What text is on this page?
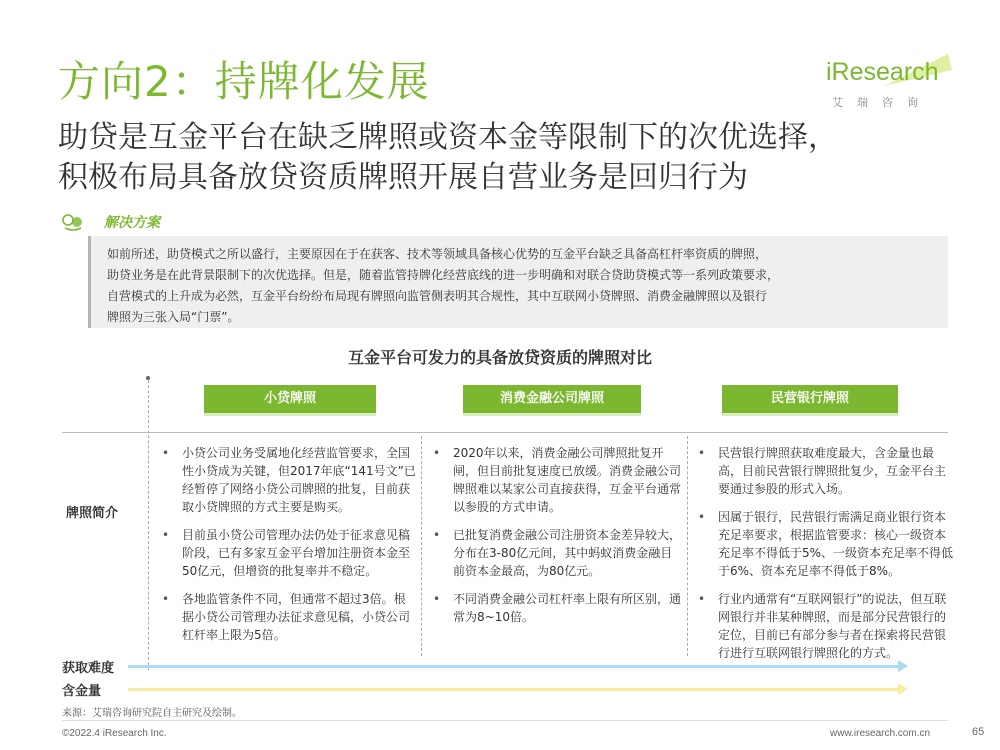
方向2：持牌化发展
助贷是互金平台在缺乏牌照或资本金等限制下的次优选择，
积极布局具备放贷资质牌照开展自营业务是回归行为
iResearch
艾瑞咨询
解决方案
如前所述，助贷模式之所以盛行，主要原因在于在获客、技术等领域具备核心优势的互金平台缺乏具备高杠杆率资质的牌照，
助贷业务是在此背景限制下的次优选择。但是，随着监管持牌化经营底线的进一步明确和对联合贷助贷模式等一系列政策要求，
自营模式的上升成为必然，互金平台纷纷布局现有牌照向监管侧表明其合规性，其中互联网小贷牌照、消费金融牌照以及银行
牌照为三张入局“门票”。
互金平台可发力的具备放贷资质的牌照对比
小贷牌照	消费金融公司牌照	民营银行牌照
牌照简介
• 小贷公司业务受属地化经营监管要求，全国性小贷成为关键，但2017年底“141号文”已经暂停了网络小贷公司牌照的批复，目前获取小贷牌照的方式主要是购买。
• 目前虽小贷公司管理办法仍处于征求意见稿阶段，已有多家互金平台增加注册资本金至50亿元，但增资的批复率并不稳定。
• 各地监管条件不同，但通常不超过3倍。根据小贷公司管理办法征求意见稿，小贷公司杠杆率上限为5倍。
• 2020年以来，消费金融公司牌照批复开闸，但目前批复速度已放缓。消费金融公司牌照难以某家公司直接获得，互金平台通常以参股的方式申请。
• 已批复消费金融公司注册资本金差异较大，分布在3-80亿元间，其中蚂蚁消费金融目前资本金最高，为80亿元。
• 不同消费金融公司杠杆率上限有所区别，通常为8~10倍。
• 民营银行牌照获取难度最大，含金量也最高，目前民营银行牌照批复少，互金平台主要通过参股的形式入场。
• 因属于银行，民营银行需满足商业银行资本充足率要求，根据监管要求：核心一级资本充足率不得低于5%、一级资本充足率不得低于6%、资本充足率不得低于8%。
• 行业内通常有“互联网银行”的说法，但互联网银行并非某种牌照，而是部分民营银行的定位，目前已有部分参与者在探索将民营银行进行互联网银行牌照化的方式。
获取难度
含金量
来源：艾瑞咨询研究院自主研究及绘制。
©2022.4 iResearch Inc.	www.iresearch.com.cn	65
